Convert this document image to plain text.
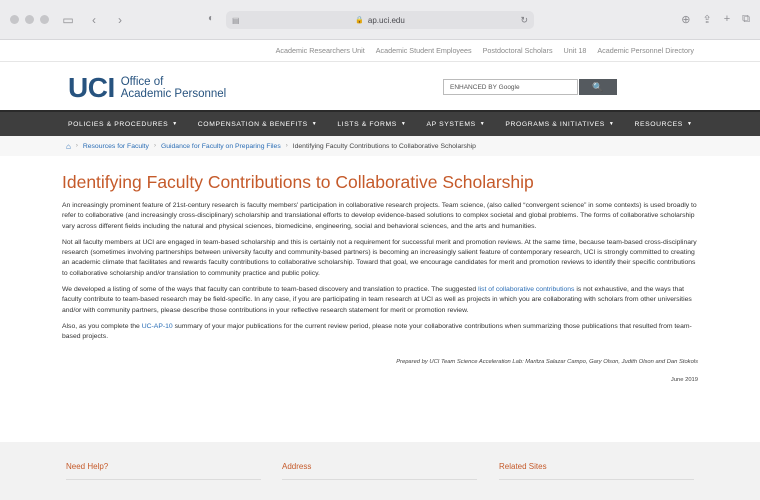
▭	‹	›	◐ ▤	🔒 ap.uci.edu	↻	⊕ ⇪ + ⧉
Academic Researchers Unit Academic Student Employees Postdoctoral Scholars Unit 18 Academic Personnel Directory
UCI Office of
Academic Personnel
ENHANCED BY Google	🔍
POLICIES & PROCEDURES ▼	COMPENSATION & BENEFITS ▼	LISTS & FORMS ▼	AP SYSTEMS ▼	PROGRAMS & INITIATIVES ▼	RESOURCES ▼
⌂ › Resources for Faculty › Guidance for Faculty on Preparing Files › Identifying Faculty Contributions to Collaborative Scholarship
Identifying Faculty Contributions to Collaborative Scholarship

An increasingly prominent feature of 21st-century research is faculty members' participation in collaborative research projects. Team science, (also called “convergent science” in some contexts) is used broadly to refer to collaborative (and increasingly cross-disciplinary) scholarship and translational efforts to develop evidence-based solutions to complex societal and global problems. The forms of collaborative scholarship vary across different fields including the natural and physical sciences, biomedicine, engineering, social and behavioral sciences, and the arts and humanities.

Not all faculty members at UCI are engaged in team-based scholarship and this is certainly not a requirement for successful merit and promotion reviews. At the same time, because team-based cross-disciplinary research (sometimes involving partnerships between university faculty and community-based partners) is becoming an increasingly salient feature of contemporary research, UCI is strongly committed to creating an academic climate that facilitates and rewards faculty contributions to collaborative scholarship. Toward that goal, we encourage candidates for merit and promotion reviews to identify their specific contributions to collaborative scholarship and/or translation to community practice and public policy.

We developed a listing of some of the ways that faculty can contribute to team-based discovery and translation to practice. The suggested list of collaborative contributions is not exhaustive, and the ways that faculty contribute to team-based research may be field-specific. In any case, if you are participating in team research at UCI as well as projects in which you are collaborating with scholars from other universities and/or with community partners, please describe those contributions in your reflective research statement for merit or promotion review.

Also, as you complete the UC-AP-10 summary of your major publications for the current review period, please note your collaborative contributions when summarizing those publications that resulted from team-based projects.

Prepared by UCI Team Science Acceleration Lab: Maritza Salazar Campo, Gary Olson, Judith Olson and Dan Stokols

June 2019

Need Help?	Address	Related Sites
